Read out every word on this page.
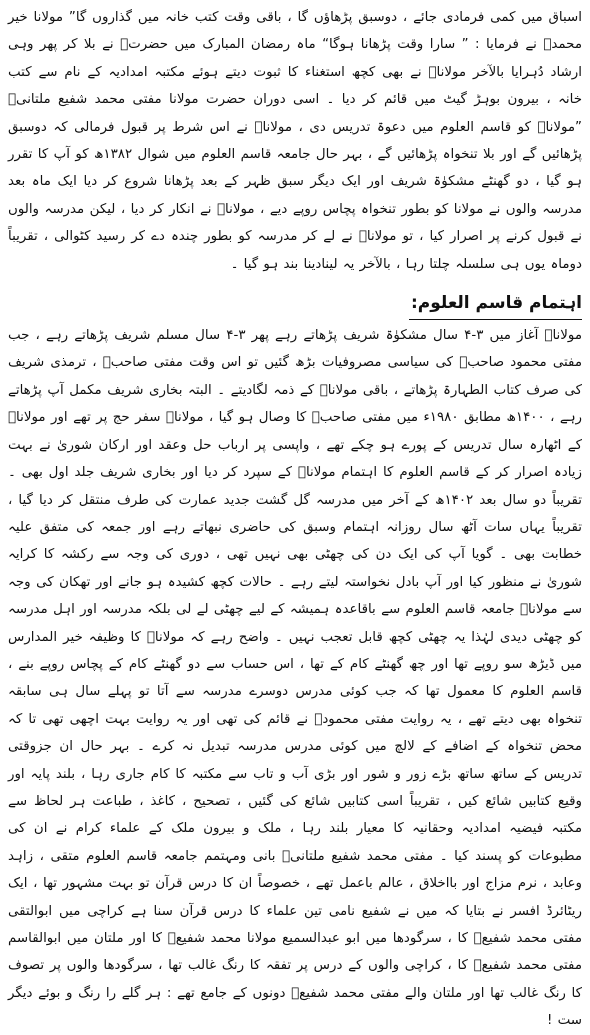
اسباق میں کمی فرمادی جائے ، دوسبق پڑھاؤں گا ، باقی وقت کتب خانہ میں گذاروں گا” مولانا خیر محمدؒ نے فرمایا : ” سارا وقت پڑھانا ہوگا“ ماہ رمضان المبارک میں حضرتؒ نے بلا کر پھر وہی ارشاد دُہرایا بالآخر مولاناؒ نے بھی کچھ استغناء کا ثبوت دیتے ہوئے مکتبہ امدادیہ کے نام سے کتب خانہ ، بیرون بوہڑ گیٹ میں قائم کر دیا ۔ اسی دوران حضرت مولانا مفتی محمد شفیع ملتانیؒ ”مولاناؒ کو قاسم العلوم میں دعوۃ تدریس دی ، مولاناؒ نے اس شرط پر قبول فرمالی کہ دوسبق پڑھائیں گے اور بلا تنخواہ پڑھائیں گے ، بہر حال جامعہ قاسم العلوم میں شوال ۱۳۸۲ھ کو آپ کا تقرر ہو گیا ، دو گھنٹے مشکوٰۃ شریف اور ایک دیگر سبق ظہر کے بعد پڑھانا شروع کر دیا ایک ماہ بعد مدرسہ والوں نے مولانا کو بطور تنخواہ پچاس روپے دیے ، مولاناؒ نے انکار کر دیا ، لیکن مدرسہ والوں نے قبول کرنے پر اصرار کیا ، تو مولاناؒ نے لے کر مدرسہ کو بطور چندہ دے کر رسید کٹوالی ، تقریباً دوماہ یوں ہی سلسلہ چلتا رہا ، بالآخر یہ لینادینا بند ہو گیا ۔

اہتمام قاسم العلوم:

مولاناؒ آغاز میں ۳-۴ سال مشکوٰۃ شریف پڑھاتے رہے پھر ۳-۴ سال مسلم شریف پڑھاتے رہے ، جب مفتی محمود صاحبؒ کی سیاسی مصروفیات بڑھ گئیں تو اس وقت مفتی صاحبؒ ، ترمذی شریف کی صرف کتاب الطہارۃ پڑھاتے ، باقی مولاناؒ کے ذمہ لگادیتے ۔ البتہ بخاری شریف مکمل آپ پڑھاتے رہے ، ۱۴۰۰ھ مطابق ۱۹۸۰ء میں مفتی صاحبؒ کا وصال ہو گیا ، مولاناؒ سفر حج پر تھے اور مولاناؒ کے اٹھارہ سال تدریس کے پورے ہو چکے تھے ، واپسی پر ارباب حل وعقد اور ارکان شوریٰ نے بہت زیادہ اصرار کر کے قاسم العلوم کا اہتمام مولاناؒ کے سپرد کر دیا اور بخاری شریف جلد اول بھی ۔ تقریباً دو سال بعد ۱۴۰۲ھ کے آخر میں مدرسہ گل گشت جدید عمارت کی طرف منتقل کر دیا گیا ، تقریباً یہاں سات آٹھ سال روزانہ اہتمام وسبق کی حاضری نبھاتے رہے اور جمعہ کی متفق علیہ خطابت بھی ۔ گویا آپ کی ایک دن کی چھٹی بھی نہیں تھی ، دوری کی وجہ سے رکشہ کا کرایہ شوریٰ نے منظور کیا اور آپ بادل نخواستہ لیتے رہے ۔ حالات کچھ کشیدہ ہو جانے اور تھکان کی وجہ سے مولاناؒ جامعہ قاسم العلوم سے باقاعدہ ہمیشہ کے لیے چھٹی لے لی بلکہ مدرسہ اور اہل مدرسہ کو چھٹی دیدی لہٰذا یہ چھٹی کچھ قابل تعجب نہیں ۔ واضح رہے کہ مولاناؒ کا وظیفہ خیر المدارس میں ڈیڑھ سو روپے تھا اور چھ گھنٹے کام کے تھا ، اس حساب سے دو گھنٹے کام کے پچاس روپے بنے ، قاسم العلوم کا معمول تھا کہ جب کوئی مدرس دوسرے مدرسہ سے آتا تو پہلے سال ہی سابقہ تنخواہ بھی دیتے تھے ، یہ روایت مفتی محمودؒ نے قائم کی تھی اور یہ روایت بہت اچھی تھی تا کہ محض تنخواہ کے اضافے کے لالچ میں کوئی مدرس مدرسہ تبدیل نہ کرے ۔ بہر حال ان جزوقتی تدریس کے ساتھ ساتھ بڑے زور و شور اور بڑی آب و تاب سے مکتبہ کا کام جاری رہا ، بلند پایہ اور وقیع کتابیں شائع کیں ، تقریباً اسی کتابیں شائع کی گئیں ، تصحیح ، کاغذ ، طباعت ہر لحاظ سے مکتبہ فیضیہ امدادیہ وحقانیہ کا معیار بلند رہا ، ملک و بیرون ملک کے علماء کرام نے ان کی مطبوعات کو پسند کیا ۔ مفتی محمد شفیع ملتانیؒ بانی ومہتمم جامعہ قاسم العلوم متقی ، زاہد وعابد ، نرم مزاج اور بااخلاق ، عالم باعمل تھے ، خصوصاً ان کا درس قرآن تو بہت مشہور تھا ، ایک ریٹائرڈ افسر نے بتایا کہ میں نے شفیع نامی تین علماء کا درس قرآن سنا ہے کراچی میں ابوالتقی مفتی محمد شفیعؒ کا ، سرگودھا میں ابو عبدالسمیع مولانا محمد شفیعؒ کا اور ملتان میں ابوالقاسم مفتی محمد شفیعؒ کا ، کراچی والوں کے درس پر تفقہ کا رنگ غالب تھا ، سرگودھا والوں پر تصوف کا رنگ غالب تھا اور ملتان والے مفتی محمد شفیعؒ دونوں کے جامع تھے : ہر گلے را رنگ و بوئے دیگر ست !
